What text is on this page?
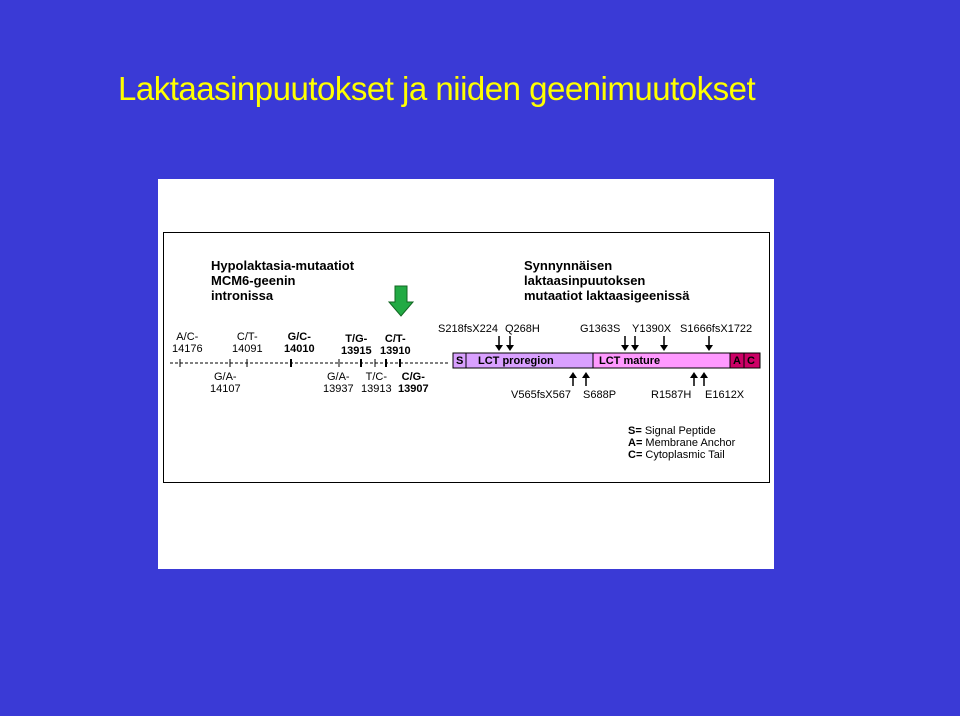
Laktaasinpuutokset ja niiden geenimuutokset
Hypolaktasia-mutaatiot
MCM6-geenin
intronissa
Synnynnäisen
laktaasinpuutoksen
mutaatiot laktaasigeenissä
A/C-
14176
C/T-
14091
G/C-
14010
T/G-
13915
C/T-
13910
G/A-
14107
G/A-
13937
T/C-
13913
C/G-
13907
S218fsX224 Q268H	G1363S Y1390X S1666fsX1722
S LCT proregion	LCT mature	A C
V565fsX567 S688P	R1587H E1612X
S= Signal Peptide
A= Membrane Anchor
C= Cytoplasmic Tail
